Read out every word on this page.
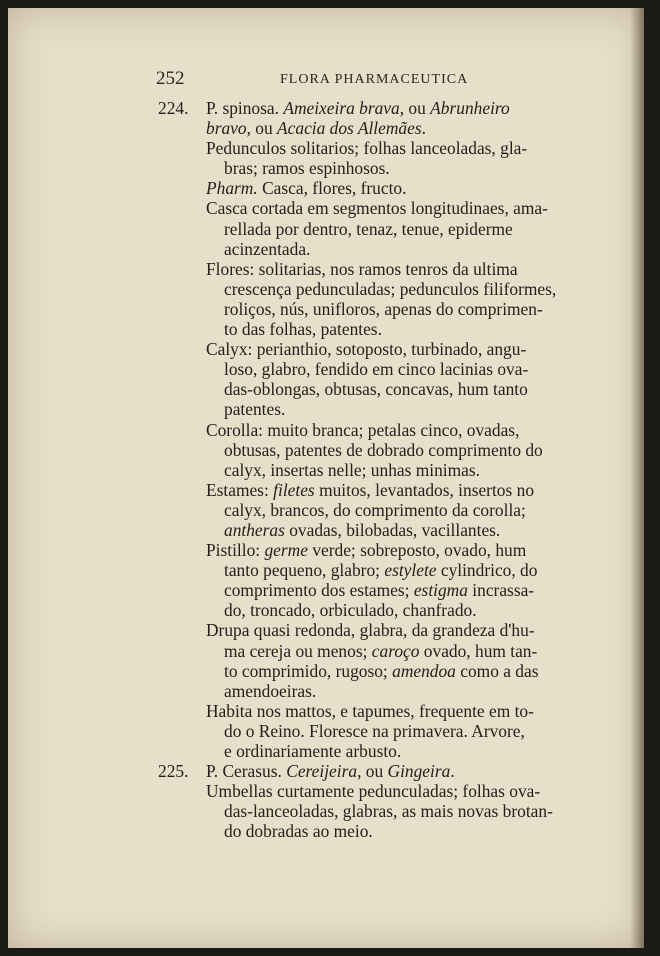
252	FLORA PHARMACEUTICA
224. P. spinosa. Ameixeira brava, ou Abrunheiro
bravo, ou Acacia dos Allemães.
Pedunculos solitarios; folhas lanceoladas, gla-
bras; ramos espinhosos.
Pharm. Casca, flores, fructo.
Casca cortada em segmentos longitudinaes, ama-
rellada por dentro, tenaz, tenue, epiderme
acinzentada.
Flores: solitarias, nos ramos tenros da ultima
crescença pedunculadas; pedunculos filiformes,
roliços, nús, unifloros, apenas do comprimen-
to das folhas, patentes.
Calyx: perianthio, sotoposto, turbinado, angu-
loso, glabro, fendido em cinco lacinias ova-
das-oblongas, obtusas, concavas, hum tanto
patentes.
Corolla: muito branca; petalas cinco, ovadas,
obtusas, patentes de dobrado comprimento do
calyx, insertas nelle; unhas minimas.
Estames: filetes muitos, levantados, insertos no
calyx, brancos, do comprimento da corolla;
antheras ovadas, bilobadas, vacillantes.
Pistillo: germe verde; sobreposto, ovado, hum
tanto pequeno, glabro; estylete cylindrico, do
comprimento dos estames; estigma incrassa-
do, troncado, orbiculado, chanfrado.
Drupa quasi redonda, glabra, da grandeza d'hu-
ma cereja ou menos; caroço ovado, hum tan-
to comprimido, rugoso; amendoa como a das
amendoeiras.
Habita nos mattos, e tapumes, frequente em to-
do o Reino. Floresce na primavera. Arvore,
e ordinariamente arbusto.
225. P. Cerasus. Cereijeira, ou Gingeira.
Umbellas curtamente pedunculadas; folhas ova-
das-lanceoladas, glabras, as mais novas brotan-
do dobradas ao meio.
